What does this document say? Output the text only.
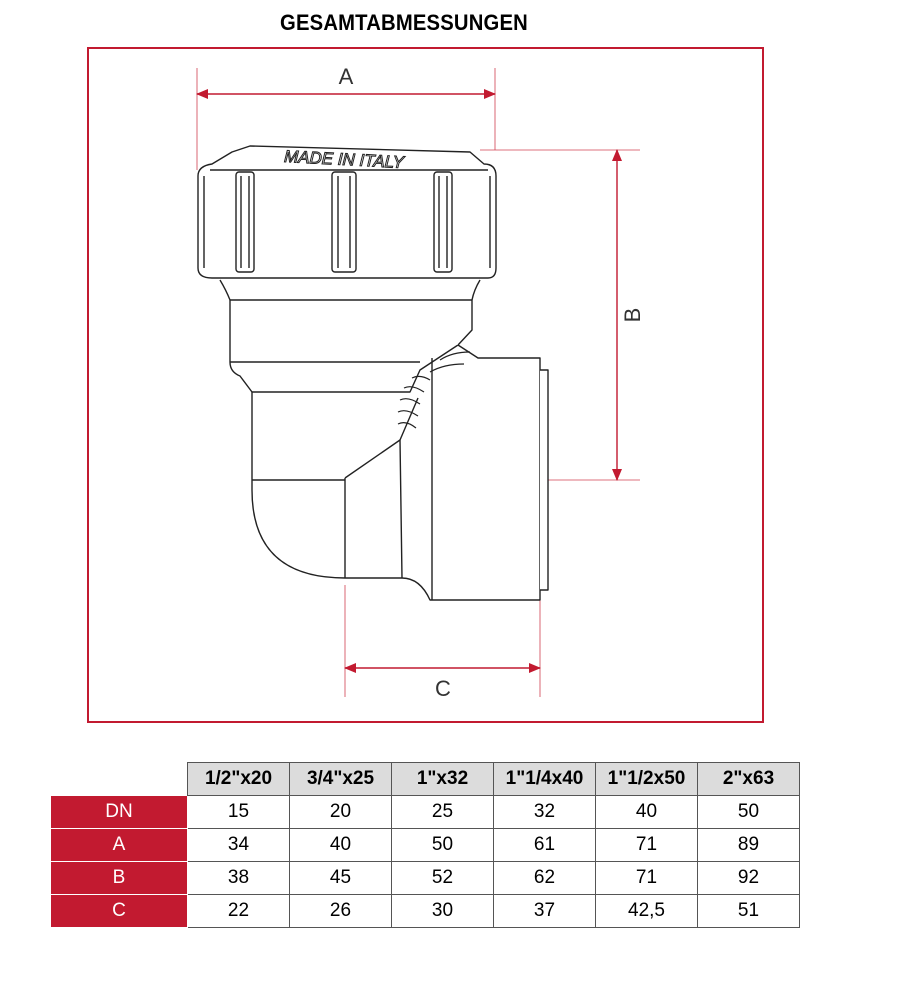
GESAMTABMESSUNGEN
A
B
C
MADE IN ITALY
	1/2"x20	3/4"x25	1"x32	1"1/4x40	1"1/2x50	2"x63
DN	15	20	25	32	40	50
A	34	40	50	61	71	89
B	38	45	52	62	71	92
C	22	26	30	37	42,5	51
